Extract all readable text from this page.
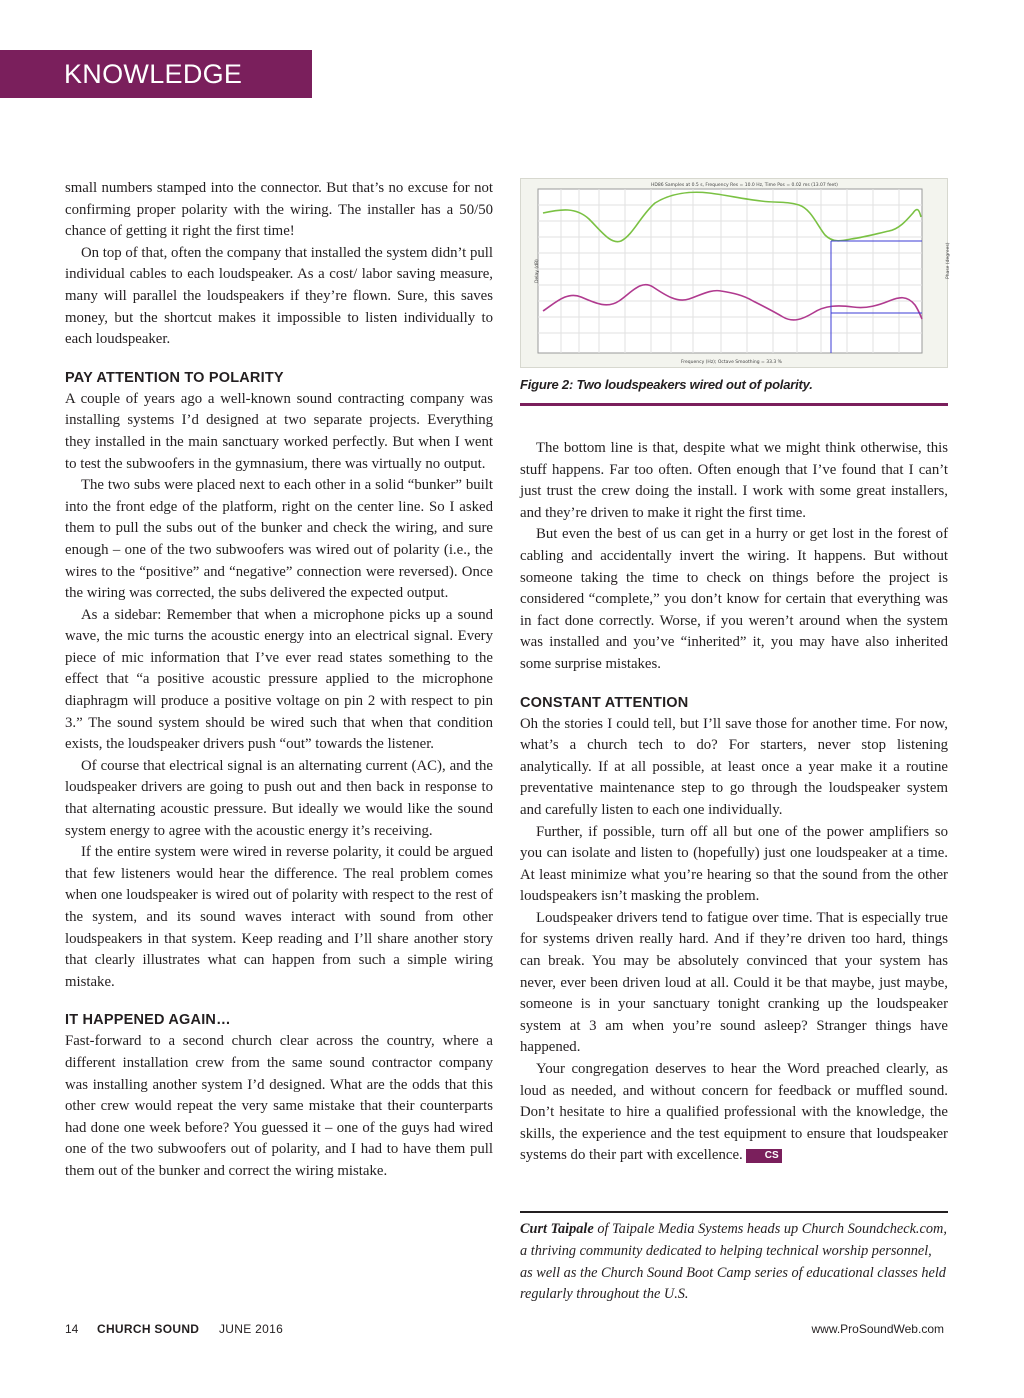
KNOWLEDGE BASE

small numbers stamped into the connector. But that’s no excuse for not confirming proper polarity with the wiring. The installer has a 50/50 chance of getting it right the first time!

On top of that, often the company that installed the system didn’t pull individual cables to each loudspeaker. As a cost/ labor saving measure, many will parallel the loudspeakers if they’re flown. Sure, this saves money, but the shortcut makes it impossible to listen individually to each loudspeaker.

PAY ATTENTION TO POLARITY

A couple of years ago a well-known sound contracting company was installing systems I’d designed at two separate projects. Everything they installed in the main sanctuary worked perfectly. But when I went to test the subwoofers in the gymnasium, there was virtually no output.

The two subs were placed next to each other in a solid “bunker” built into the front edge of the platform, right on the center line. So I asked them to pull the subs out of the bunker and check the wiring, and sure enough – one of the two subwoofers was wired out of polarity (i.e., the wires to the “positive” and “negative” connection were reversed). Once the wiring was corrected, the subs delivered the expected output.

As a sidebar: Remember that when a microphone picks up a sound wave, the mic turns the acoustic energy into an electrical signal. Every piece of mic information that I’ve ever read states something to the effect that “a positive acoustic pressure applied to the microphone diaphragm will produce a positive voltage on pin 2 with respect to pin 3.” The sound system should be wired such that when that condition exists, the loudspeaker drivers push “out” towards the listener.

Of course that electrical signal is an alternating current (AC), and the loudspeaker drivers are going to push out and then back in response to that alternating acoustic pressure. But ideally we would like the sound system energy to agree with the acoustic energy it’s receiving.

If the entire system were wired in reverse polarity, it could be argued that few listeners would hear the difference. The real problem comes when one loudspeaker is wired out of polarity with respect to the rest of the system, and its sound waves interact with sound from other loudspeakers in that system. Keep reading and I’ll share another story that clearly illustrates what can happen from such a simple wiring mistake.

IT HAPPENED AGAIN…

Fast-forward to a second church clear across the country, where a different installation crew from the same sound contractor company was installing another system I’d designed. What are the odds that this other crew would repeat the very same mistake that their counterparts had done one week before? You guessed it – one of the guys had wired one of the two subwoofers out of polarity, and I had to have them pull them out of the bunker and correct the wiring mistake.

HD86 Samples at 0.5 s, Frequency Res = 10.0 Hz, Time Pos = 0.02 ms (13.07 feet)
Frequency (Hz); Octave Smoothing = 33.3 %
Delay (dB)	Phase (degrees)
Figure 2: Two loudspeakers wired out of polarity.

The bottom line is that, despite what we might think otherwise, this stuff happens. Far too often. Often enough that I’ve found that I can’t just trust the crew doing the install. I work with some great installers, and they’re driven to make it right the first time.

But even the best of us can get in a hurry or get lost in the forest of cabling and accidentally invert the wiring. It happens. But without someone taking the time to check on things before the project is considered “complete,” you don’t know for certain that everything was in fact done correctly. Worse, if you weren’t around when the system was installed and you’ve “inherited” it, you may have also inherited some surprise mistakes.

CONSTANT ATTENTION

Oh the stories I could tell, but I’ll save those for another time. For now, what’s a church tech to do? For starters, never stop listening analytically. If at all possible, at least once a year make it a routine preventative maintenance step to go through the loudspeaker system and carefully listen to each one individually.

Further, if possible, turn off all but one of the power amplifiers so you can isolate and listen to (hopefully) just one loudspeaker at a time. At least minimize what you’re hearing so that the sound from the other loudspeakers isn’t masking the problem.

Loudspeaker drivers tend to fatigue over time. That is especially true for systems driven really hard. And if they’re driven too hard, things can break. You may be absolutely convinced that your system has never, ever been driven loud at all. Could it be that maybe, just maybe, someone is in your sanctuary tonight cranking up the loudspeaker system at 3 am when you’re sound asleep? Stranger things have happened.

Your congregation deserves to hear the Word preached clearly, as loud as needed, and without concern for feedback or muffled sound. Don’t hesitate to hire a qualified professional with the knowledge, the skills, the experience and the test equipment to ensure that loudspeaker systems do their part with excellence. CS

Curt Taipale of Taipale Media Systems heads up Church Soundcheck.com, a thriving community dedicated to helping technical worship personnel, as well as the Church Sound Boot Camp series of educational classes held regularly throughout the U.S.
14 CHURCH SOUND JUNE 2016	www.ProSoundWeb.com
